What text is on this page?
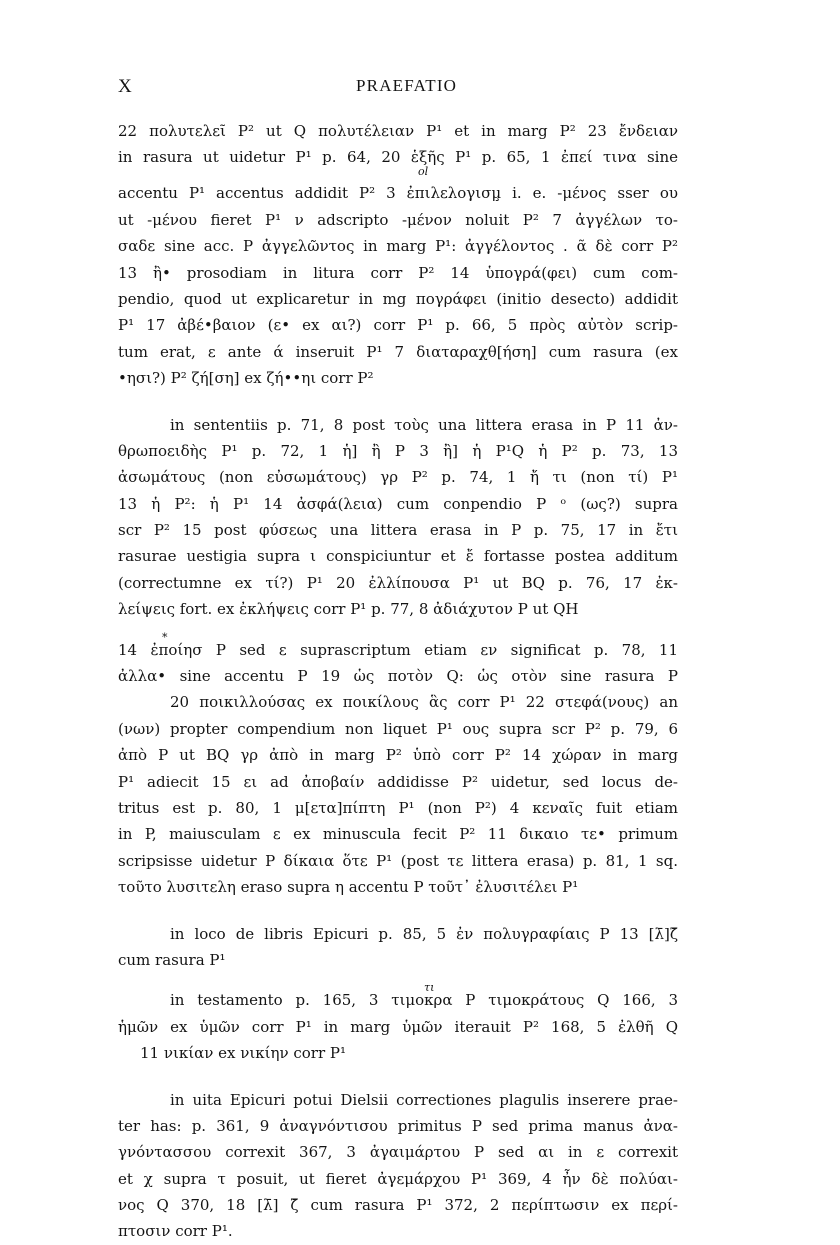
X	PRAEFATIO
22 πολυτελεῖ P² ut Q πολυτέλειαν P¹ et in marg P² 23 ἔνδειαν
in rasura ut uidetur P¹ p. 64, 20 ἑξῆς P¹ p. 65, 1 ἐπεί τινα sine
ol
accentu P¹ accentus addidit P² 3 ἐπιλελογισμ̧ i. e. -μένος sser ου
ut -μένου fieret P¹ ν adscripto -μένον noluit P² 7 ἀγγέλων το-
σαδε sine acc. P ἀγγελῶντος in marg P¹: ἀγγέλοντος . ᾶ δὲ corr P²
13 ἢ• prosodiam in litura corr P² 14 ὑπογρά(φει) cum com-
pendio, quod ut explicaretur in mg πογράφει (initio desecto) addidit
P¹ 17 ἀβέ•βαιον (ε• ex αι?) corr P¹ p. 66, 5 πρὸς αὐτὸν scrip-
tum erat, ε ante ά inseruit P¹ 7 διαταραχθ[ήση] cum rasura (ex
•ησι?) P² ζή[ση] ex ζή••ηι corr P²
in sententiis p. 71, 8 post τοὺς una littera erasa in P 11 ἀν-
θρωποειδὴς P¹ p. 72, 1 ἡ] ἢ P 3 ἢ] ἡ P¹Q ἡ P² p. 73, 13
ἀσωμάτους (non εὐσωμάτους) γρ P² p. 74, 1 ἤ τι (non τί) P¹
13 ἡ P²: ἡ P¹ 14 ἀσφά(λεια) cum conpendio P ᵒ (ως?) supra
scr P² 15 post φύσεως una littera erasa in P p. 75, 17 in ἔτι
rasurae uestigia supra ι conspiciuntur et ἔ fortasse postea additum
(correctumne ex τί?) P¹ 20 ἐλλίπουσα P¹ ut BQ p. 76, 17 ἐκ-
λείψεις fort. ex ἐκλήψεις corr P¹ p. 77, 8 ἀδιάχυτον P ut QH
*
14 ἐποίησ P sed ε suprascriptum etiam εν significat p. 78, 11
ἀλλα• sine accentu P 19 ὡς ποτὸν Q: ὡς οτὸν sine rasura P
20 ποικιλλούσας ex ποικίλους ἃς corr P¹ 22 στεφά(νους) an
(νων) propter compendium non liquet P¹ ους supra scr P² p. 79, 6
ἀπὸ P ut BQ γρ ἀπὸ in marg P² ὑπὸ corr P² 14 χώραν in marg
P¹ adiecit 15 ει ad ἀποβαίν addidisse P² uidetur, sed locus de-
tritus est p. 80, 1 μ[ετα]πίπτη P¹ (non P²) 4 κεναῖς fuit etiam
in P, maiusculam ε ex minuscula fecit P² 11 δικαιο τε• primum
scripsisse uidetur P δίκαια ὅτε P¹ (post τε littera erasa) p. 81, 1 sq.
τοῦτο λυσιτελη eraso supra η accentu P τοῦτ᾽ ἐλυσιτέλει P¹
in loco de libris Epicuri p. 85, 5 ἐν πολυγραφίαις P 13 [λ̄]ζ̄
cum rasura P¹
τι
in testamento p. 165, 3 τιμοκρα P τιμοκράτους Q 166, 3
ἡμῶν ex ὑμῶν corr P¹ in marg ὑμῶν iterauit P² 168, 5 ἐλθῆ Q
11 νικίαν ex νικίην corr P¹
in uita Epicuri potui Dielsii correctiones plagulis inserere prae-
ter has: p. 361, 9 ἀναγνόντισου primitus P sed prima manus ἀνα-
γνόντασσου correxit 367, 3 ἀγαιμάρτου P sed αι in ε correxit
et χ supra τ posuit, ut fieret ἀγεμάρχου P¹ 369, 4 ἦν δὲ πολύαι-
νος Q 370, 18 [λ̄] ζ̄ cum rasura P¹ 372, 2 περίπτωσιν ex περί-
πτοσιν corr P¹.
